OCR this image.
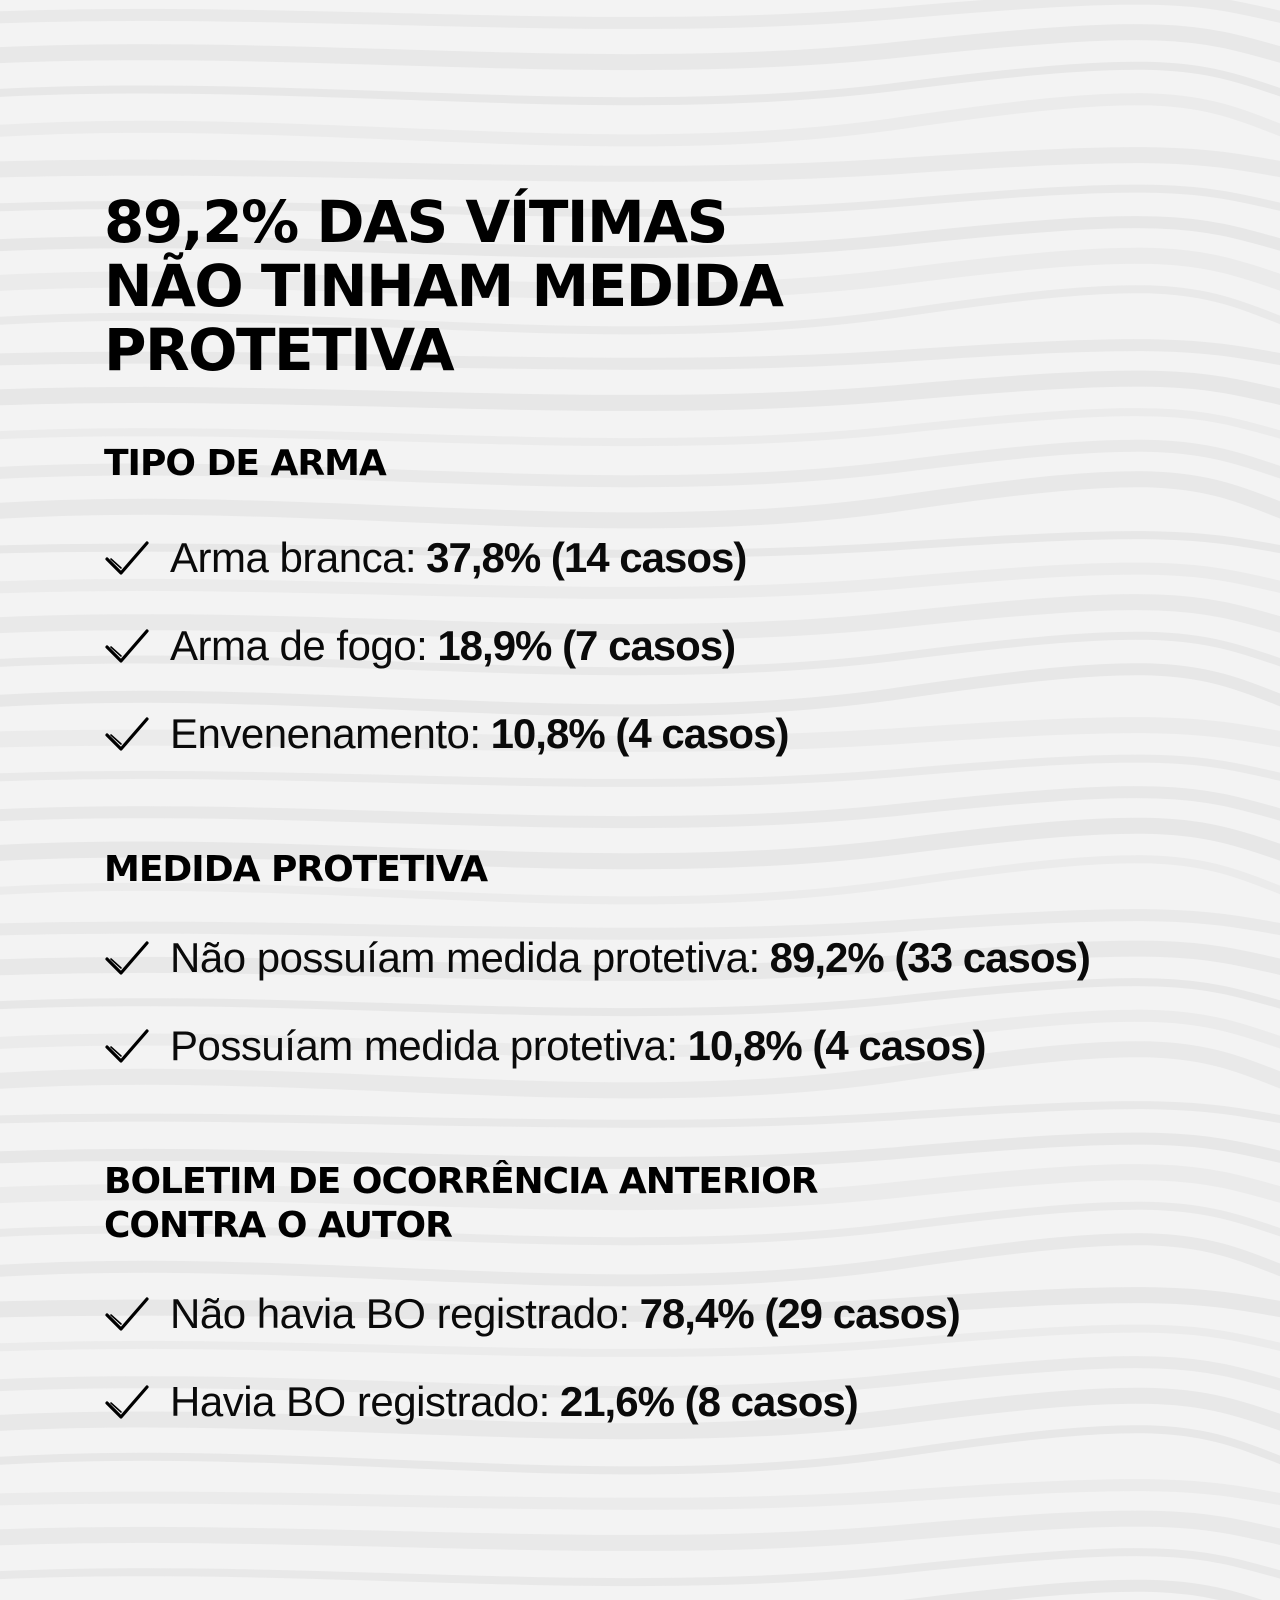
89,2% DAS VÍTIMAS
NÃO TINHAM MEDIDA
PROTETIVA
TIPO DE ARMA
Arma branca: 37,8% (14 casos)
Arma de fogo: 18,9% (7 casos)
Envenenamento: 10,8% (4 casos)
MEDIDA PROTETIVA
Não possuíam medida protetiva: 89,2% (33 casos)
Possuíam medida protetiva: 10,8% (4 casos)
BOLETIM DE OCORRÊNCIA ANTERIOR
CONTRA O AUTOR
Não havia BO registrado: 78,4% (29 casos)
Havia BO registrado: 21,6% (8 casos)
